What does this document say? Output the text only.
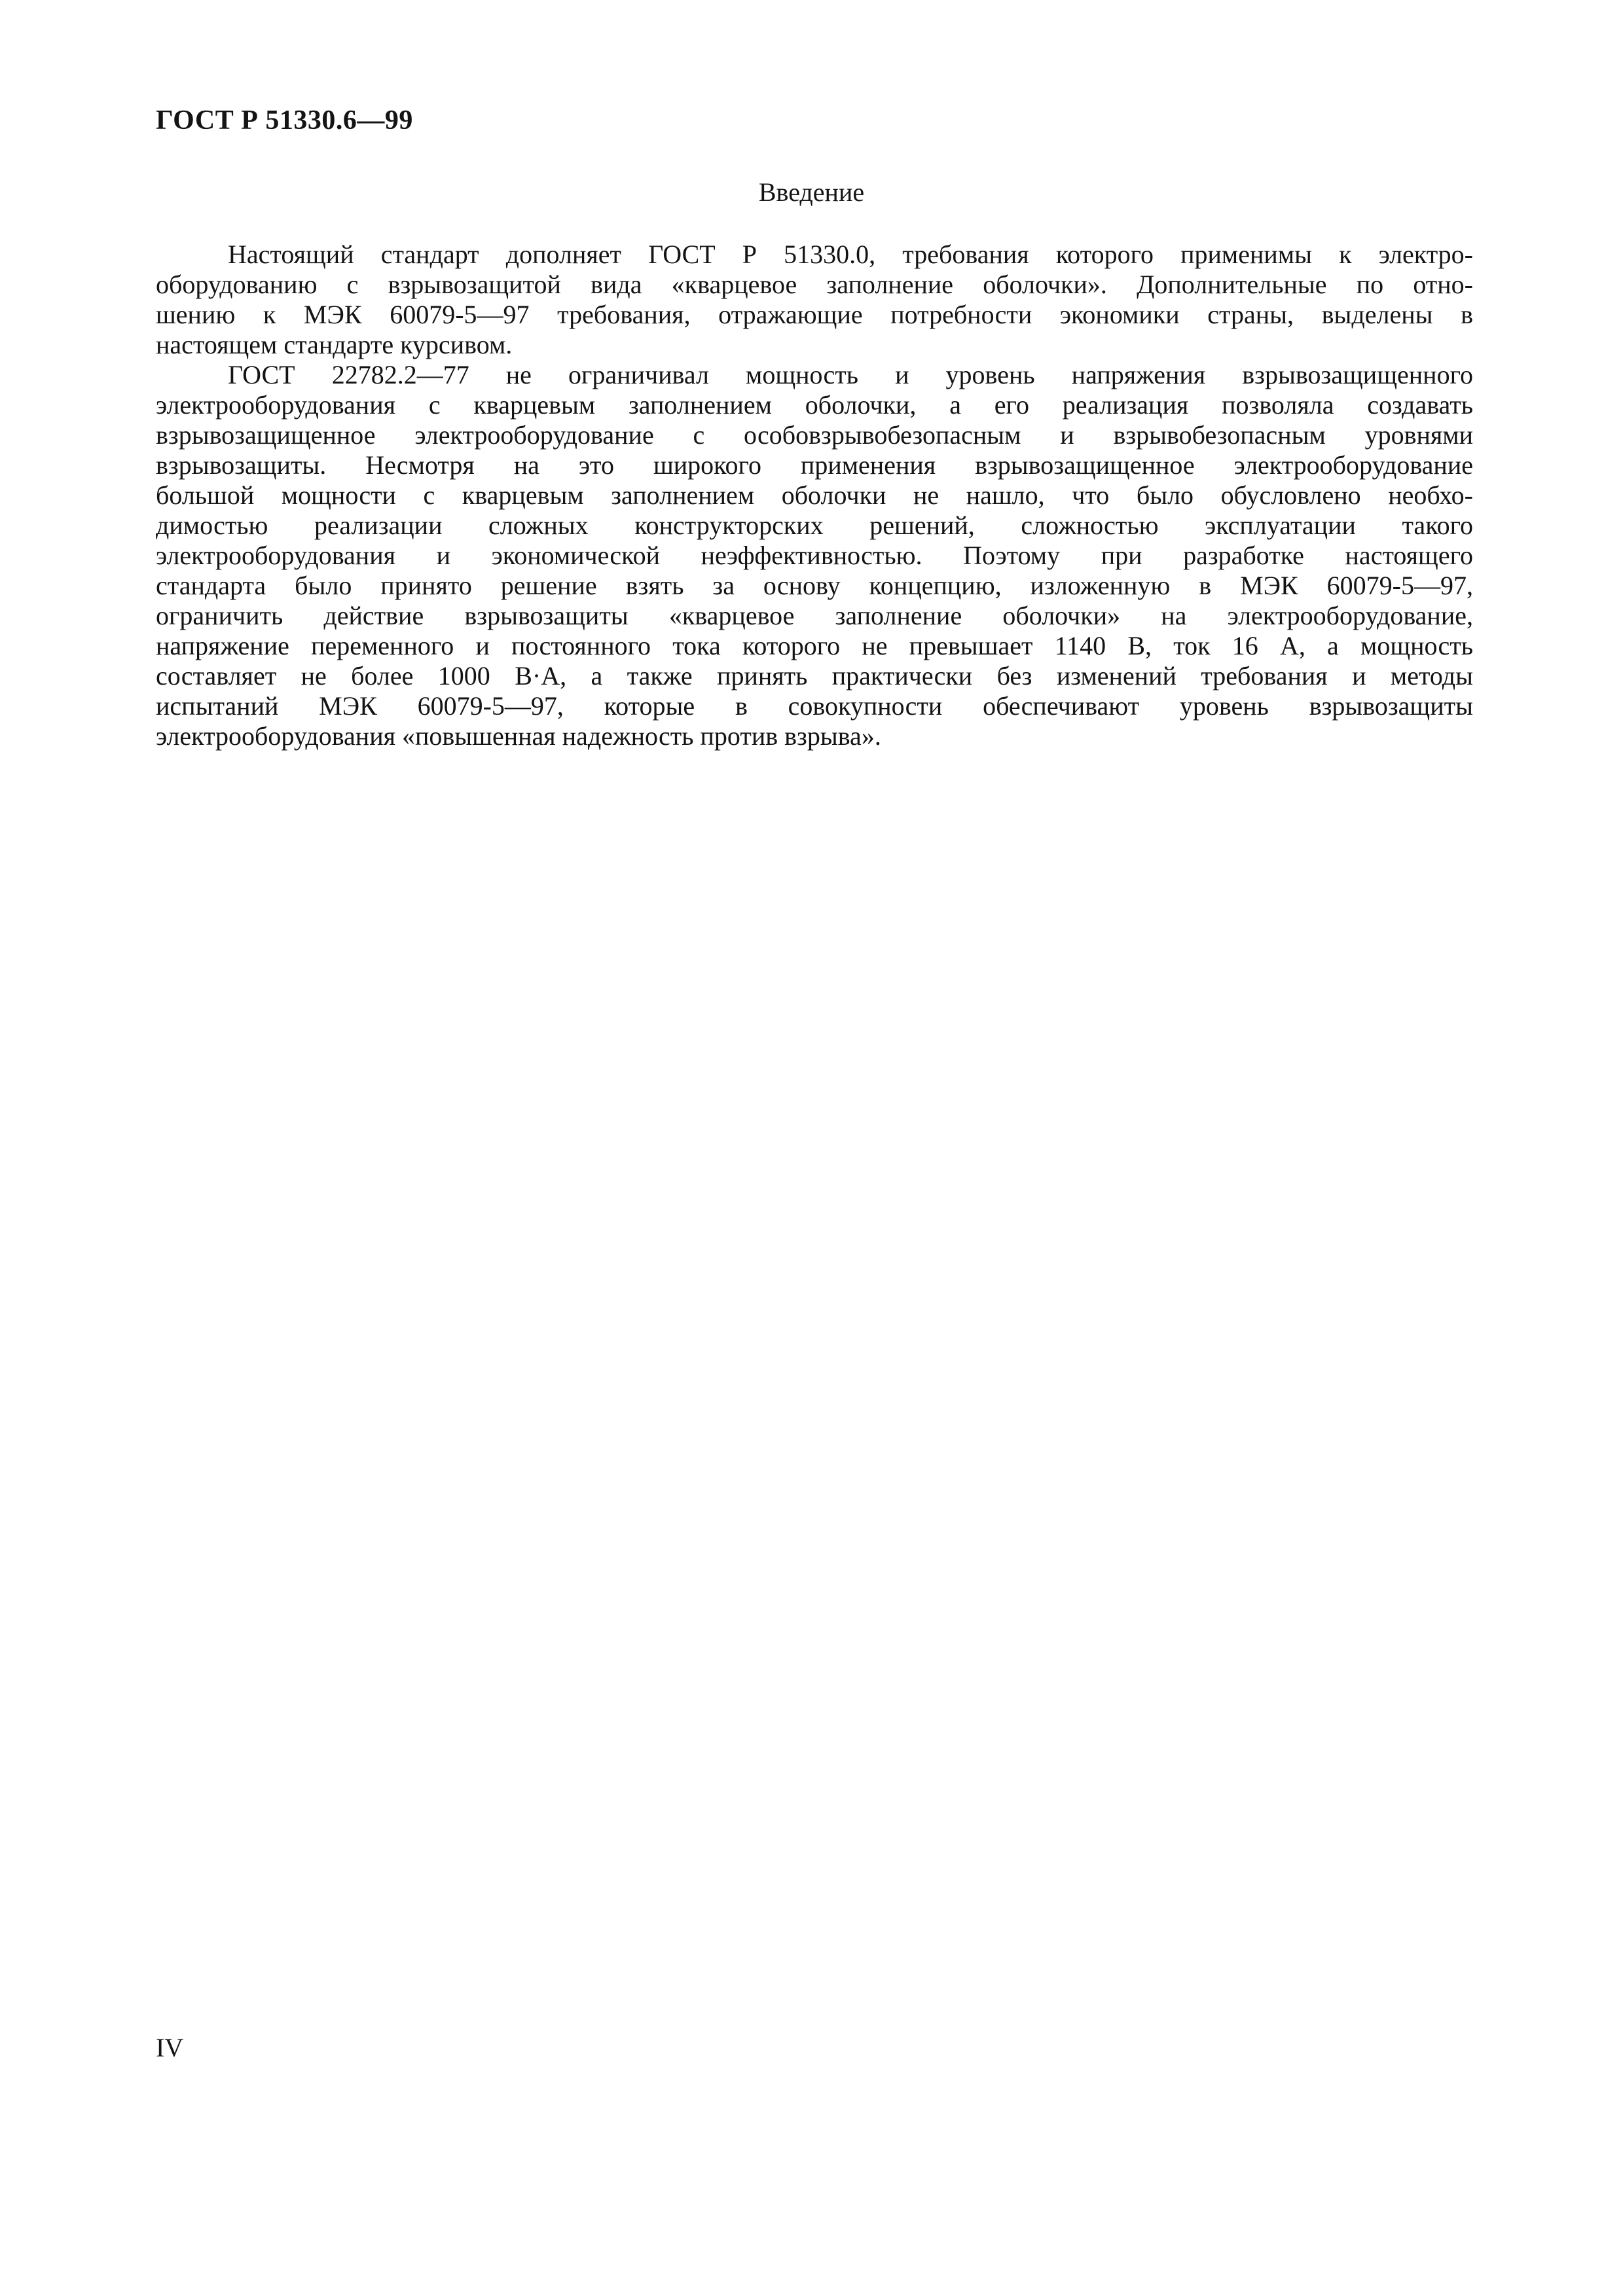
ГОСТ Р 51330.6—99
Введение
Настоящий стандарт дополняет ГОСТ Р 51330.0, требования которого применимы к электро-
оборудованию с взрывозащитой вида «кварцевое заполнение оболочки». Дополнительные по отно-
шению к МЭК 60079-5—97 требования, отражающие потребности экономики страны, выделены в
настоящем стандарте курсивом.
ГОСТ 22782.2—77 не ограничивал мощность и уровень напряжения взрывозащищенного
электрооборудования с кварцевым заполнением оболочки, а его реализация позволяла создавать
взрывозащищенное электрооборудование с особовзрывобезопасным и взрывобезопасным уровнями
взрывозащиты. Несмотря на это широкого применения взрывозащищенное электрооборудование
большой мощности с кварцевым заполнением оболочки не нашло, что было обусловлено необхо-
димостью реализации сложных конструкторских решений, сложностью эксплуатации такого
электрооборудования и экономической неэффективностью. Поэтому при разработке настоящего
стандарта было принято решение взять за основу концепцию, изложенную в МЭК 60079-5—97,
ограничить действие взрывозащиты «кварцевое заполнение оболочки» на электрооборудование,
напряжение переменного и постоянного тока которого не превышает 1140 В, ток 16 А, а мощность
составляет не более 1000 В·А, а также принять практически без изменений требования и методы
испытаний МЭК 60079-5—97, которые в совокупности обеспечивают уровень взрывозащиты
электрооборудования «повышенная надежность против взрыва».
IV
